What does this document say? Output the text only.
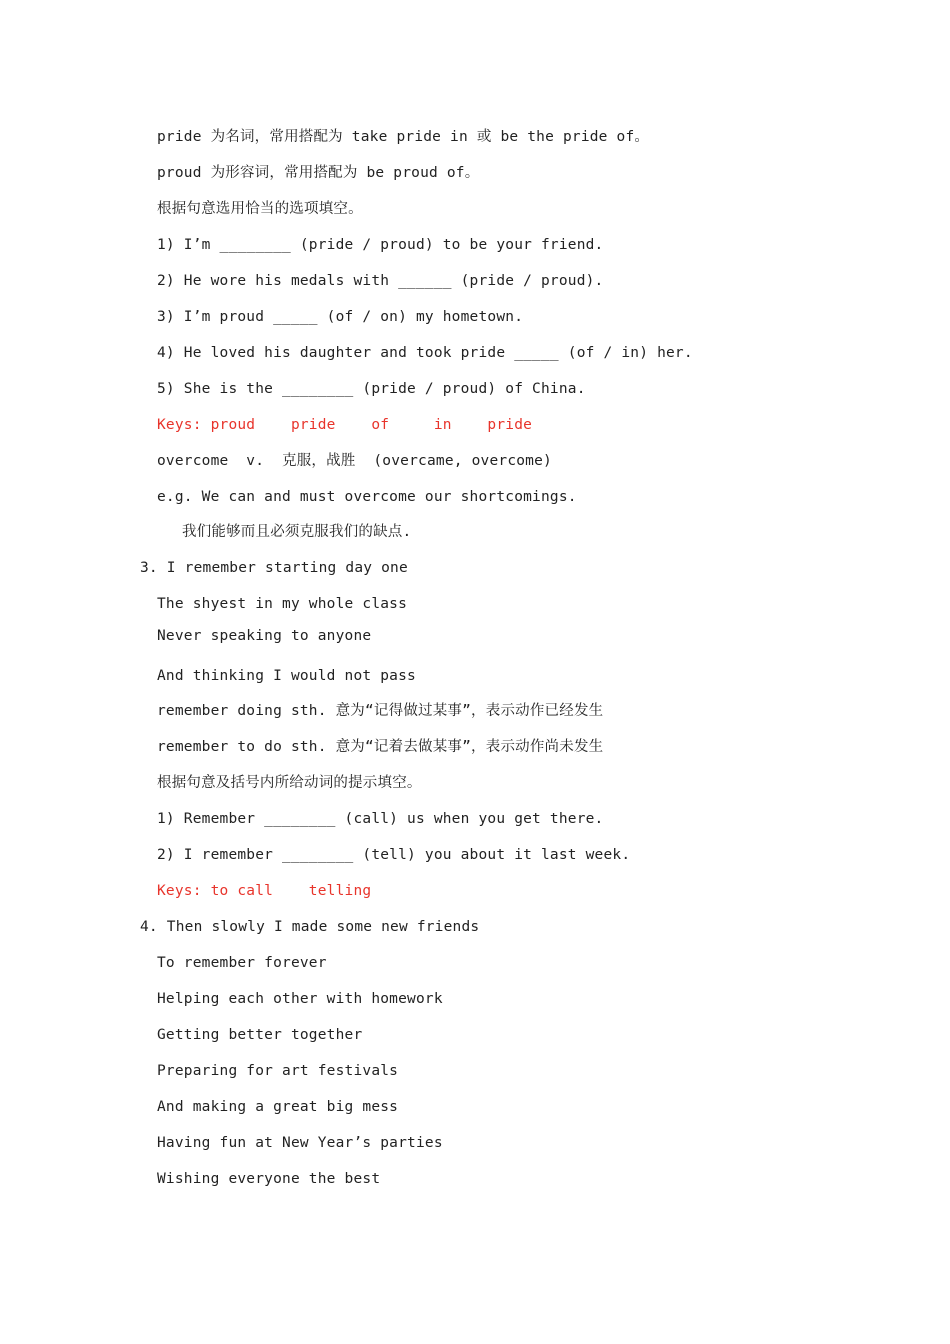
pride 为名词，常用搭配为 take pride in 或 be the pride of。
proud 为形容词，常用搭配为 be proud of。
根据句意选用恰当的选项填空。
1) I’m ________ (pride / proud) to be your friend.
2) He wore his medals with ______ (pride / proud).
3) I’m proud _____ (of / on) my hometown.
4) He loved his daughter and took pride _____ (of / in) her.
5) She is the ________ (pride / proud) of China.
Keys: proud    pride    of     in    pride
overcome  v.  克服，战胜  (overcame, overcome)
e.g. We can and must overcome our shortcomings.
我们能够而且必须克服我们的缺点.
3. I remember starting day one
The shyest in my whole class
Never speaking to anyone
And thinking I would not pass
remember doing sth. 意为“记得做过某事”，表示动作已经发生
remember to do sth. 意为“记着去做某事”，表示动作尚未发生
根据句意及括号内所给动词的提示填空。
1) Remember ________ (call) us when you get there.
2) I remember ________ (tell) you about it last week.
Keys: to call    telling
4. Then slowly I made some new friends
To remember forever
Helping each other with homework
Getting better together
Preparing for art festivals
And making a great big mess
Having fun at New Year’s parties
Wishing everyone the best
